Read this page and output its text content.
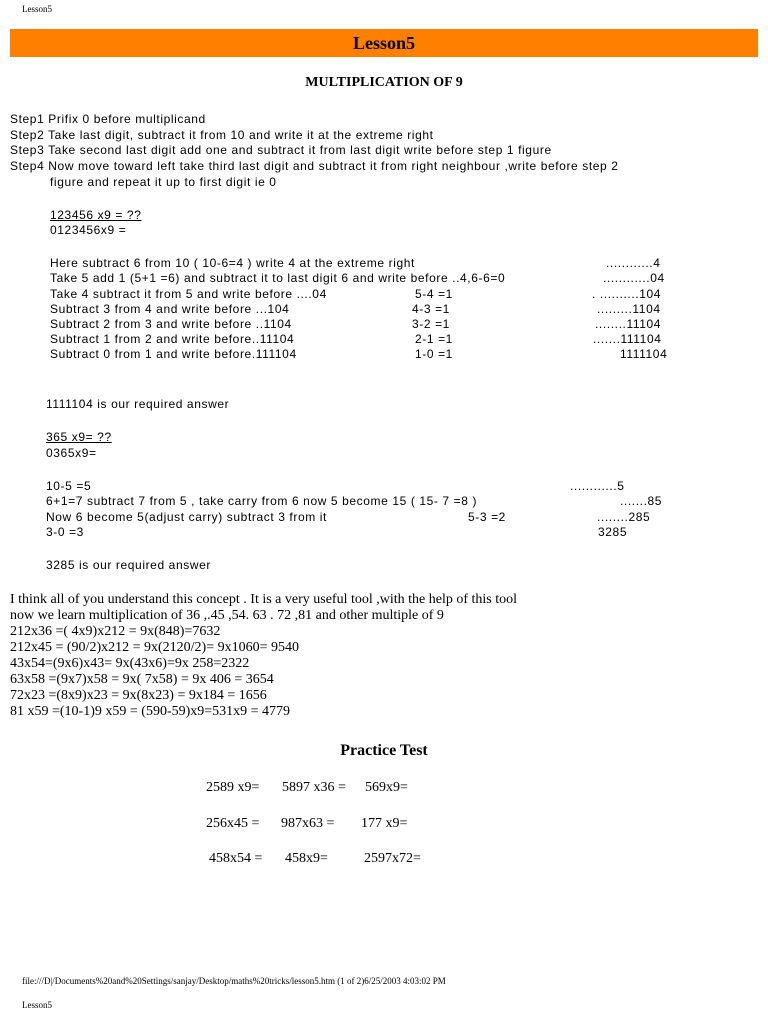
Lesson5
Lesson5
MULTIPLICATION OF 9
Step1 Prifix 0 before multiplicand
Step2 Take last digit, subtract it from 10 and write it at the extreme right
Step3 Take second last digit add one and subtract it from last digit write before step 1 figure
Step4 Now move toward left take third last digit and subtract it from right neighbour ,write before step 2
figure and repeat it up to first digit ie 0
123456 x9 = ??
0123456x9 =
Here subtract 6 from 10 ( 10-6=4 ) write 4 at the extreme right	............4
Take 5 add 1 (5+1 =6) and subtract it to last digit 6 and write before ..4,6-6=0	............04
Take 4 subtract it from 5 and write before ....04	5-4 =1	. ..........104
Subtract 3 from 4 and write before ...104	4-3 =1	.........1104
Subtract 2 from 3 and write before ..1104	3-2 =1	........11104
Subtract 1 from 2 and write before..11104	2-1 =1	.......111104
Subtract 0 from 1 and write before.111104	1-0 =1	1111104
1111104 is our required answer
365 x9= ??
0365x9=
10-5 =5	............5
6+1=7 subtract 7 from 5 , take carry from 6 now 5 become 15 ( 15- 7 =8 )	.......85
Now 6 become 5(adjust carry) subtract 3 from it	5-3 =2	........285
3-0 =3	3285
3285 is our required answer
I think all of you understand this concept . It is a very useful tool ,with the help of this tool
now we learn multiplication of 36 ,.45 ,54. 63 . 72 ,81 and other multiple of 9
212x36 =( 4x9)x212 = 9x(848)=7632
212x45 = (90/2)x212 = 9x(2120/2)= 9x1060= 9540
43x54=(9x6)x43= 9x(43x6)=9x 258=2322
63x58 =(9x7)x58 = 9x( 7x58) = 9x 406 = 3654
72x23 =(8x9)x23 = 9x(8x23) = 9x184 = 1656
81 x59 =(10-1)9 x59 = (590-59)x9=531x9 = 4779
Practice Test
2589 x9= 5897 x36 = 569x9=
256x45 = 987x63 = 177 x9=
458x54 = 458x9=	2597x72=
file:///D|/Documents%20and%20Settings/sanjay/Desktop/maths%20tricks/lesson5.htm (1 of 2)6/25/2003 4:03:02 PM
Lesson5
